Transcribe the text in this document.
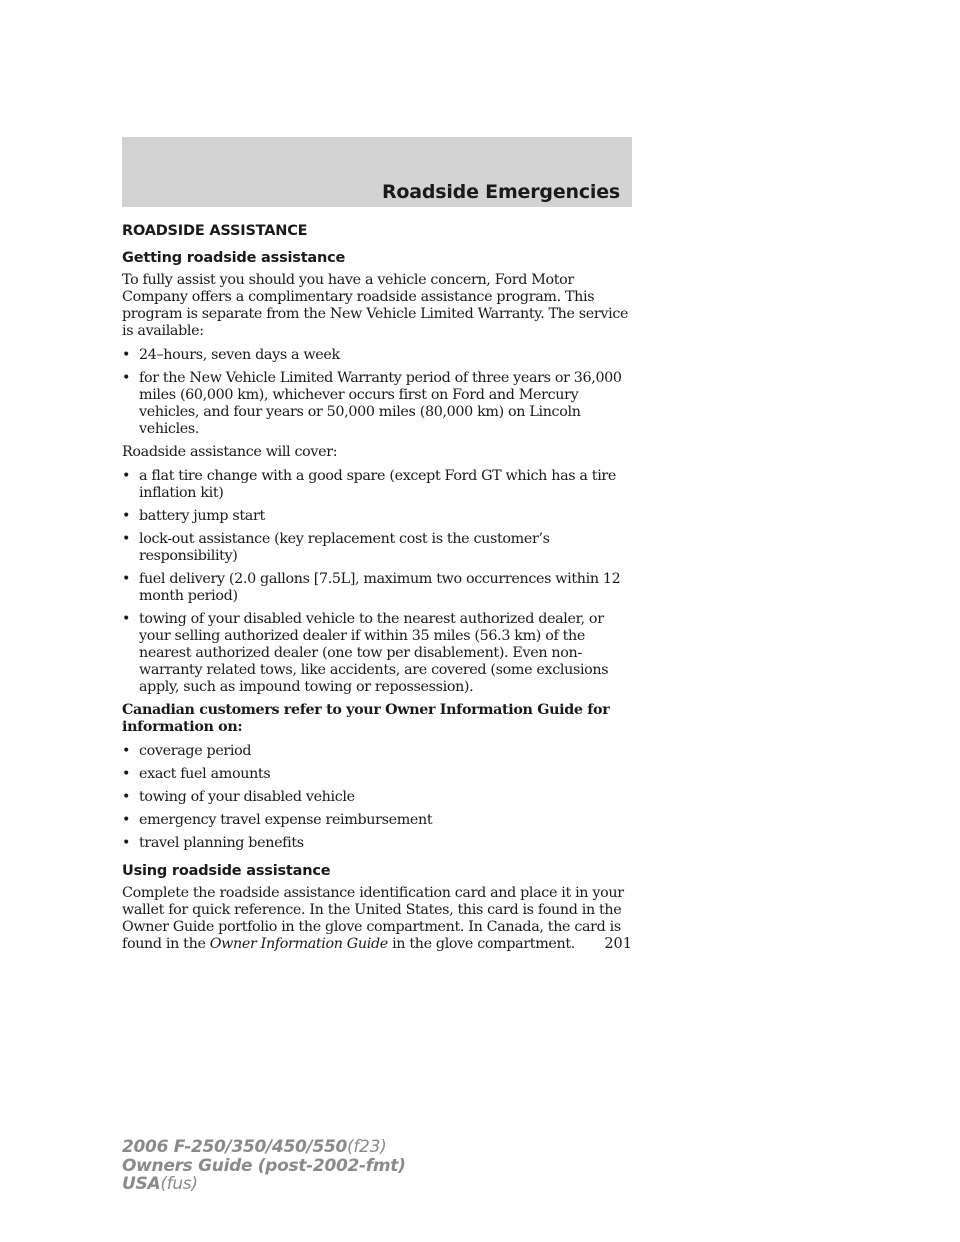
Roadside Emergencies
ROADSIDE ASSISTANCE
Getting roadside assistance

To fully assist you should you have a vehicle concern, Ford Motor Company offers a complimentary roadside assistance program. This program is separate from the New Vehicle Limited Warranty. The service is available:

• 24–hours, seven days a week
• for the New Vehicle Limited Warranty period of three years or 36,000 miles (60,000 km), whichever occurs first on Ford and Mercury vehicles, and four years or 50,000 miles (80,000 km) on Lincoln vehicles.

Roadside assistance will cover:

• a flat tire change with a good spare (except Ford GT which has a tire inflation kit)
• battery jump start
• lock-out assistance (key replacement cost is the customer’s responsibility)
• fuel delivery (2.0 gallons [7.5L], maximum two occurrences within 12 month period)
• towing of your disabled vehicle to the nearest authorized dealer, or your selling authorized dealer if within 35 miles (56.3 km) of the nearest authorized dealer (one tow per disablement). Even non-warranty related tows, like accidents, are covered (some exclusions apply, such as impound towing or repossession).
Canadian customers refer to your Owner Information Guide for information on:
• coverage period
• exact fuel amounts
• towing of your disabled vehicle
• emergency travel expense reimbursement
• travel planning benefits
Using roadside assistance

Complete the roadside assistance identification card and place it in your wallet for quick reference. In the United States, this card is found in the Owner Guide portfolio in the glove compartment. In Canada, the card is found in the Owner Information Guide in the glove compartment.	201
2006 F-250/350/450/550(f23)
Owners Guide (post-2002-fmt)
USA(fus)
